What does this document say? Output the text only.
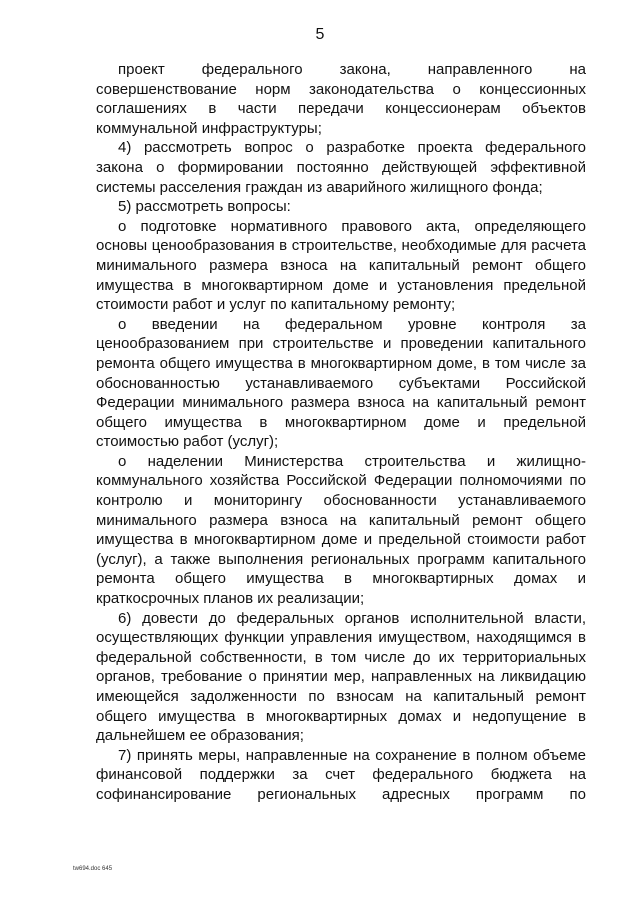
5

проект федерального закона, направленного на совершенствование норм законодательства о концессионных соглашениях в части передачи концессионерам объектов коммунальной инфраструктуры;

4) рассмотреть вопрос о разработке проекта федерального закона о формировании постоянно действующей эффективной системы расселения граждан из аварийного жилищного фонда;

5) рассмотреть вопросы:

о подготовке нормативного правового акта, определяющего основы ценообразования в строительстве, необходимые для расчета минимального размера взноса на капитальный ремонт общего имущества в многоквартирном доме и установления предельной стоимости работ и услуг по капитальному ремонту;

о введении на федеральном уровне контроля за ценообразованием при строительстве и проведении капитального ремонта общего имущества в многоквартирном доме, в том числе за обоснованностью устанавливаемого субъектами Российской Федерации минимального размера взноса на капитальный ремонт общего имущества в многоквартирном доме и предельной стоимостью работ (услуг);

о наделении Министерства строительства и жилищно-коммунального хозяйства Российской Федерации полномочиями по контролю и мониторингу обоснованности устанавливаемого минимального размера взноса на капитальный ремонт общего имущества в многоквартирном доме и предельной стоимости работ (услуг), а также выполнения региональных программ капитального ремонта общего имущества в многоквартирных домах и краткосрочных планов их реализации;

6) довести до федеральных органов исполнительной власти, осуществляющих функции управления имуществом, находящимся в федеральной собственности, в том числе до их территориальных органов, требование о принятии мер, направленных на ликвидацию имеющейся задолженности по взносам на капитальный ремонт общего имущества в многоквартирных домах и недопущение в дальнейшем ее образования;

7) принять меры, направленные на сохранение в полном объеме финансовой поддержки за счет федерального бюджета на софинансирование региональных адресных программ по

tw694.doc 645
